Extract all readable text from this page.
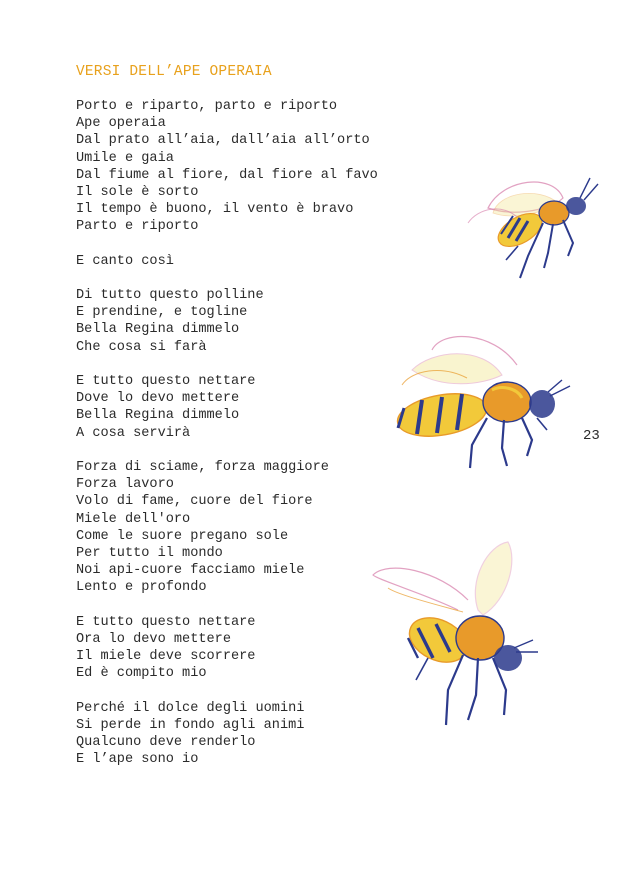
VERSI DELL’APE OPERAIA
Porto e riparto, parto e riporto
Ape operaia
Dal prato all’aia, dall’aia all’orto
Umile e gaia
Dal fiume al fiore, dal fiore al favo
Il sole è sorto
Il tempo è buono, il vento è bravo
Parto e riporto
E canto così
Di tutto questo polline
E prendine, e togline
Bella Regina dimmelo
Che cosa si farà
E tutto questo nettare
Dove lo devo mettere
Bella Regina dimmelo
A cosa servirà
Forza di sciame, forza maggiore
Forza lavoro
Volo di fame, cuore del fiore
Miele dell'oro
Come le suore pregano sole
Per tutto il mondo
Noi api-cuore facciamo miele
Lento e profondo
E tutto questo nettare
Ora lo devo mettere
Il miele deve scorrere
Ed è compito mio
Perché il dolce degli uomini
Si perde in fondo agli animi
Qualcuno deve renderlo
E l’ape sono io
23
